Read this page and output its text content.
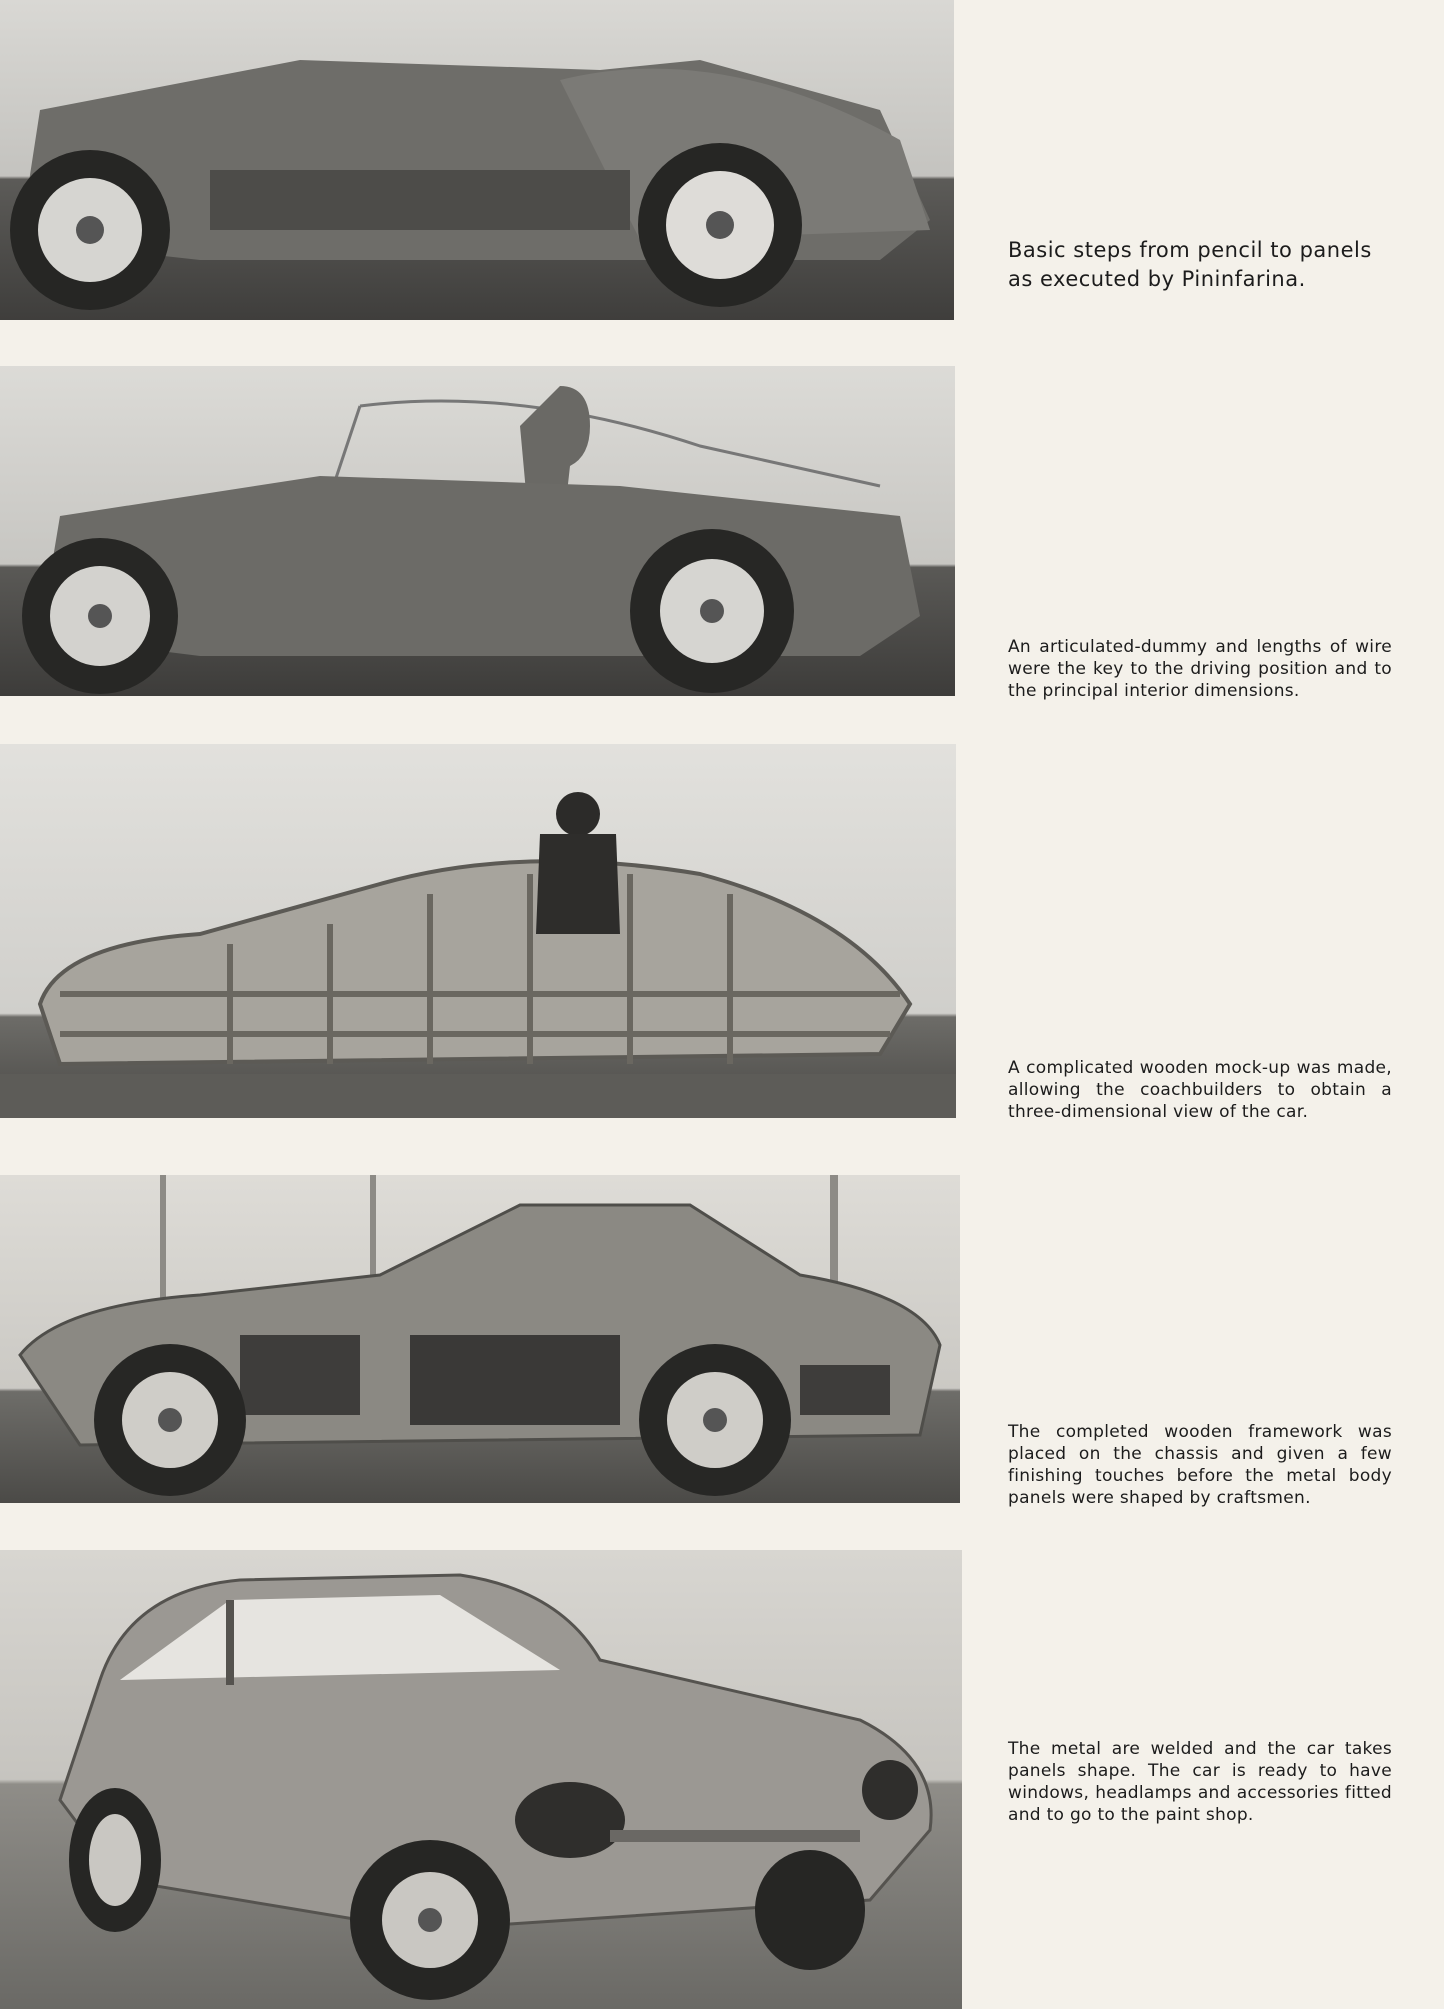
Basic steps from pencil to panels as executed by Pininfarina.
An articulated-dummy and lengths of wire were the key to the driving position and to the principal interior dimensions.
A complicated wooden mock-up was made, allowing the coachbuilders to obtain a three-dimensional view of the car.
The completed wooden framework was placed on the chassis and given a few finishing touches before the metal body panels were shaped by craftsmen.
The metal are welded and the car takes panels shape. The car is ready to have windows, headlamps and accessories fitted and to go to the paint shop.
